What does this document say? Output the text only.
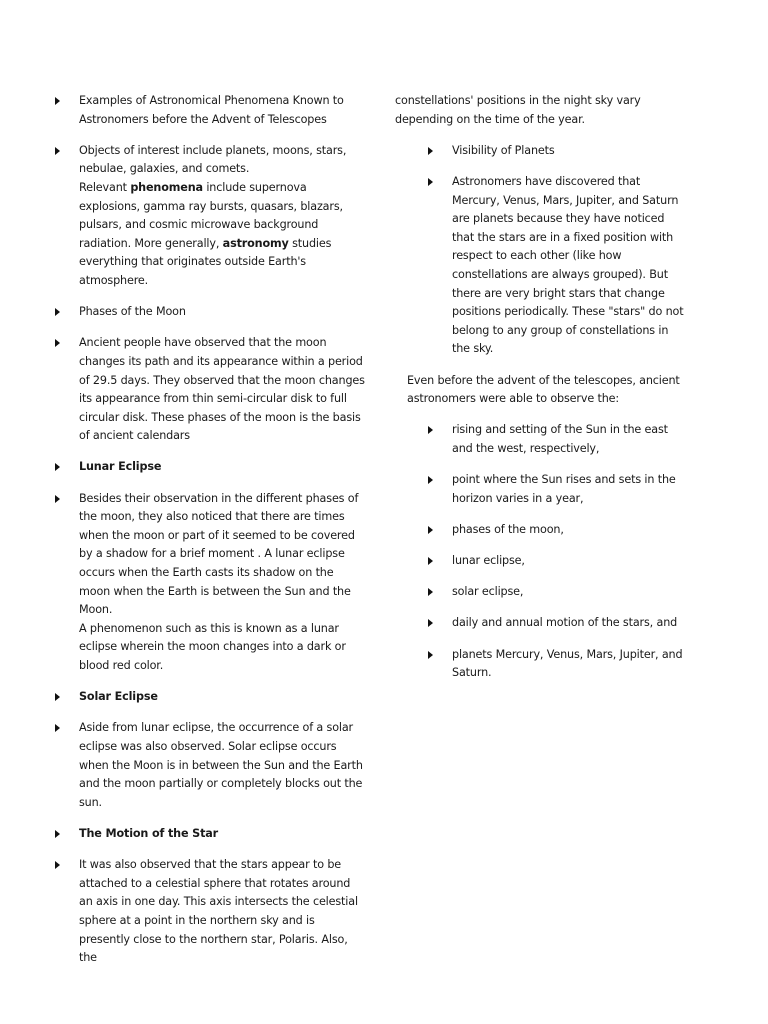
Examples of Astronomical Phenomena Known to Astronomers before the Advent of Telescopes
Objects of interest include planets, moons, stars, nebulae, galaxies, and comets.
Relevant phenomena include supernova explosions, gamma ray bursts, quasars, blazars, pulsars, and cosmic microwave background radiation. More generally, astronomy studies everything that originates outside Earth's atmosphere.
Phases of the Moon
Ancient people have observed that the moon changes its path and its appearance within a period of 29.5 days. They observed that the moon changes its appearance from thin semi-circular disk to full circular disk. These phases of the moon is the basis of ancient calendars
Lunar Eclipse
Besides their observation in the different phases of the moon, they also noticed that there are times when the moon or part of it seemed to be covered by a shadow for a brief moment . A lunar eclipse occurs when the Earth casts its shadow on the moon when the Earth is between the Sun and the Moon.
A phenomenon such as this is known as a lunar eclipse wherein the moon changes into a dark or blood red color.
Solar Eclipse
Aside from lunar eclipse, the occurrence of a solar eclipse was also observed. Solar eclipse occurs when the Moon is in between the Sun and the Earth and the moon partially or completely blocks out the sun.
The Motion of the Star
It was also observed that the stars appear to be attached to a celestial sphere that rotates around an axis in one day. This axis intersects the celestial sphere at a point in the northern sky and is presently close to the northern star, Polaris. Also, the
constellations' positions in the night sky vary depending on the time of the year.
Visibility of Planets
Astronomers have discovered that Mercury, Venus, Mars, Jupiter, and Saturn are planets because they have noticed that the stars are in a fixed position with respect to each other (like how constellations are always grouped). But there are very bright stars that change positions periodically. These "stars" do not belong to any group of constellations in the sky.
Even before the advent of the telescopes, ancient astronomers were able to observe the:
rising and setting of the Sun in the east and the west, respectively,
point where the Sun rises and sets in the horizon varies in a year,
phases of the moon,
lunar eclipse,
solar eclipse,
daily and annual motion of the stars, and
planets Mercury, Venus, Mars, Jupiter, and Saturn.
